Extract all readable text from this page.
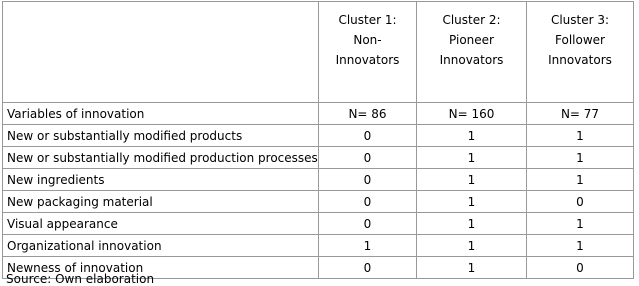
	Cluster 1:
Non-
Innovators	Cluster 2:
Pioneer
Innovators	Cluster 3:
Follower
Innovators

Variables of innovation	N= 86	N= 160	N= 77
New or substantially modified products	0	1	1
New or substantially modified production processes	0	1	1
New ingredients	0	1	1
New packaging material	0	1	0
Visual appearance	0	1	1
Organizational innovation	1	1	1
Newness of innovation	0	1	0
Source: Own elaboration
